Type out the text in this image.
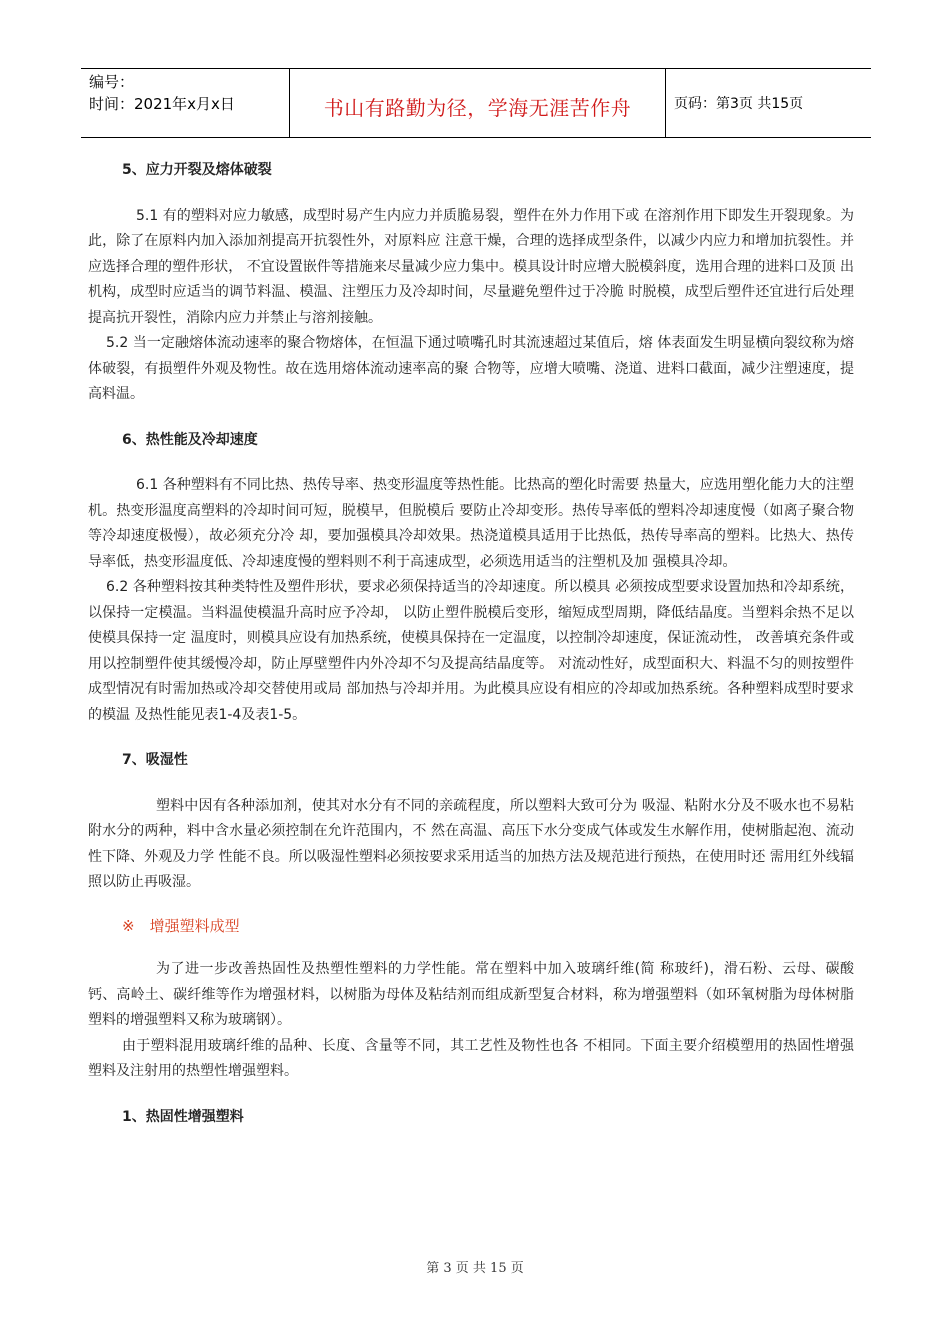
编号：
时间：2021年x月x日	书山有路勤为径，学海无涯苦作舟	页码：第3页 共15页
5、应力开裂及熔体破裂

5.1 有的塑料对应力敏感，成型时易产生内应力并质脆易裂，塑件在外力作用下或 在溶剂作用下即发生开裂现象。为此，除了在原料内加入添加剂提高开抗裂性外，对原料应 注意干燥，合理的选择成型条件，以减少内应力和增加抗裂性。并应选择合理的塑件形状， 不宜设置嵌件等措施来尽量减少应力集中。模具设计时应增大脱模斜度，选用合理的进料口及顶 出机构，成型时应适当的调节料温、模温、注塑压力及冷却时间，尽量避免塑件过于冷脆 时脱模，成型后塑件还宜进行后处理提高抗开裂性，消除内应力并禁止与溶剂接触。

5.2 当一定融熔体流动速率的聚合物熔体，在恒温下通过喷嘴孔时其流速超过某值后，熔 体表面发生明显横向裂纹称为熔体破裂，有损塑件外观及物性。故在选用熔体流动速率高的聚 合物等，应增大喷嘴、浇道、进料口截面，减少注塑速度，提高料温。

6、热性能及冷却速度

6.1 各种塑料有不同比热、热传导率、热变形温度等热性能。比热高的塑化时需要 热量大，应选用塑化能力大的注塑机。热变形温度高塑料的冷却时间可短，脱模早，但脱模后 要防止冷却变形。热传导率低的塑料冷却速度慢（如离子聚合物等冷却速度极慢），故必须充分冷 却，要加强模具冷却效果。热浇道模具适用于比热低，热传导率高的塑料。比热大、热传 导率低，热变形温度低、冷却速度慢的塑料则不利于高速成型，必须选用适当的注塑机及加 强模具冷却。

6.2 各种塑料按其种类特性及塑件形状，要求必须保持适当的冷却速度。所以模具 必须按成型要求设置加热和冷却系统，以保持一定模温。当料温使模温升高时应予冷却， 以防止塑件脱模后变形，缩短成型周期，降低结晶度。当塑料余热不足以使模具保持一定 温度时，则模具应设有加热系统，使模具保持在一定温度，以控制冷却速度，保证流动性， 改善填充条件或用以控制塑件使其缓慢冷却，防止厚壁塑件内外冷却不匀及提高结晶度等。 对流动性好，成型面积大、料温不匀的则按塑件成型情况有时需加热或冷却交替使用或局 部加热与冷却并用。为此模具应设有相应的冷却或加热系统。各种塑料成型时要求的模温 及热性能见表1-4及表1-5。

7、吸湿性

塑料中因有各种添加剂，使其对水分有不同的亲疏程度，所以塑料大致可分为 吸湿、粘附水分及不吸水也不易粘附水分的两种，料中含水量必须控制在允许范围内，不 然在高温、高压下水分变成气体或发生水解作用，使树脂起泡、流动性下降、外观及力学 性能不良。所以吸湿性塑料必须按要求采用适当的加热方法及规范进行预热，在使用时还 需用红外线辐照以防止再吸湿。

※　增强塑料成型

为了进一步改善热固性及热塑性塑料的力学性能。常在塑料中加入玻璃纤维(简 称玻纤)，滑石粉、云母、碳酸钙、高岭土、碳纤维等作为增强材料，以树脂为母体及粘结剂而组成新型复合材料，称为增强塑料（如环氧树脂为母体树脂 塑料的增强塑料又称为玻璃钢）。

由于塑料混用玻璃纤维的品种、长度、含量等不同，其工艺性及物性也各 不相同。下面主要介绍模塑用的热固性增强塑料及注射用的热塑性增强塑料。

1、热固性增强塑料
第 3 页 共 15 页
